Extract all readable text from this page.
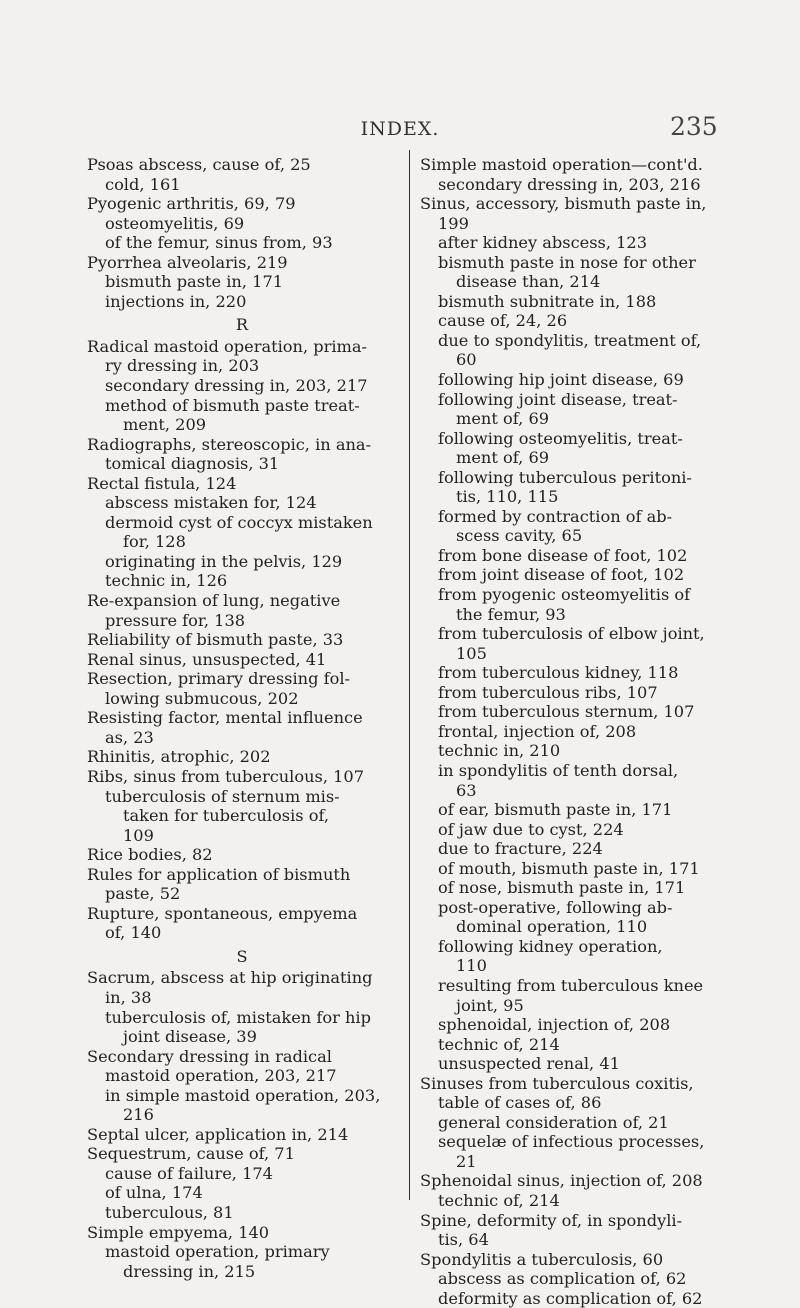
INDEX.	235
Psoas abscess, cause of, 25
cold, 161
Pyogenic arthritis, 69, 79
osteomyelitis, 69
of the femur, sinus from, 93
Pyorrhea alveolaris, 219
bismuth paste in, 171
injections in, 220
R
Radical mastoid operation, prima-
ry dressing in, 203
secondary dressing in, 203, 217
method of bismuth paste treat-
ment, 209
Radiographs, stereoscopic, in ana-
tomical diagnosis, 31
Rectal fistula, 124
abscess mistaken for, 124
dermoid cyst of coccyx mistaken
for, 128
originating in the pelvis, 129
technic in, 126
Re-expansion of lung, negative
pressure for, 138
Reliability of bismuth paste, 33
Renal sinus, unsuspected, 41
Resection, primary dressing fol-
lowing submucous, 202
Resisting factor, mental influence
as, 23
Rhinitis, atrophic, 202
Ribs, sinus from tuberculous, 107
tuberculosis of sternum mis-
taken for tuberculosis of,
109
Rice bodies, 82
Rules for application of bismuth
paste, 52
Rupture, spontaneous, empyema
of, 140
S
Sacrum, abscess at hip originating
in, 38
tuberculosis of, mistaken for hip
joint disease, 39
Secondary dressing in radical
mastoid operation, 203, 217
in simple mastoid operation, 203,
216
Septal ulcer, application in, 214
Sequestrum, cause of, 71
cause of failure, 174
of ulna, 174
tuberculous, 81
Simple empyema, 140
mastoid operation, primary
dressing in, 215
Simple mastoid operation—cont'd.
secondary dressing in, 203, 216
Sinus, accessory, bismuth paste in,
199
after kidney abscess, 123
bismuth paste in nose for other
disease than, 214
bismuth subnitrate in, 188
cause of, 24, 26
due to spondylitis, treatment of,
60
following hip joint disease, 69
following joint disease, treat-
ment of, 69
following osteomyelitis, treat-
ment of, 69
following tuberculous peritoni-
tis, 110, 115
formed by contraction of ab-
scess cavity, 65
from bone disease of foot, 102
from joint disease of foot, 102
from pyogenic osteomyelitis of
the femur, 93
from tuberculosis of elbow joint,
105
from tuberculous kidney, 118
from tuberculous ribs, 107
from tuberculous sternum, 107
frontal, injection of, 208
technic in, 210
in spondylitis of tenth dorsal,
63
of ear, bismuth paste in, 171
of jaw due to cyst, 224
due to fracture, 224
of mouth, bismuth paste in, 171
of nose, bismuth paste in, 171
post-operative, following ab-
dominal operation, 110
following kidney operation,
110
resulting from tuberculous knee
joint, 95
sphenoidal, injection of, 208
technic of, 214
unsuspected renal, 41
Sinuses from tuberculous coxitis,
table of cases of, 86
general consideration of, 21
sequelæ of infectious processes,
21
Sphenoidal sinus, injection of, 208
technic of, 214
Spine, deformity of, in spondyli-
tis, 64
Spondylitis a tuberculosis, 60
abscess as complication of, 62
deformity as complication of, 62
